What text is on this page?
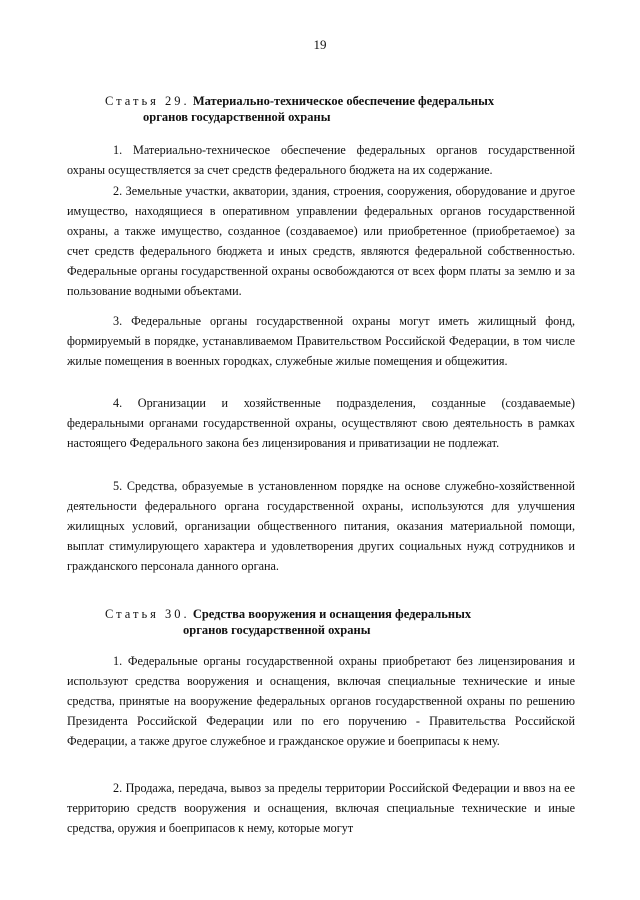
19
Статья 29. Материально-техническое обеспечение федеральных
органов государственной охраны

1. Материально-техническое обеспечение федеральных органов государственной охраны осуществляется за счет средств федерального бюджета на их содержание.

2. Земельные участки, акватории, здания, строения, сооружения, оборудование и другое имущество, находящиеся в оперативном управлении федеральных органов государственной охраны, а также имущество, созданное (создаваемое) или приобретенное (приобретаемое) за счет средств федерального бюджета и иных средств, являются федеральной собственностью. Федеральные органы государственной охраны освобождаются от всех форм платы за землю и за пользование водными объектами.

3. Федеральные органы государственной охраны могут иметь жилищный фонд, формируемый в порядке, устанавливаемом Правительством Российской Федерации, в том числе жилые помещения в военных городках, служебные жилые помещения и общежития.

4. Организации и хозяйственные подразделения, созданные (создаваемые) федеральными органами государственной охраны, осуществляют свою деятельность в рамках настоящего Федерального закона без лицензирования и приватизации не подлежат.

5. Средства, образуемые в установленном порядке на основе служебно-хозяйственной деятельности федерального органа государственной охраны, используются для улучшения жилищных условий, организации общественного питания, оказания материальной помощи, выплат стимулирующего характера и удовлетворения других социальных нужд сотрудников и гражданского персонала данного органа.

Статья 30. Средства вооружения и оснащения федеральных
органов государственной охраны

1. Федеральные органы государственной охраны приобретают без лицензирования и используют средства вооружения и оснащения, включая специальные технические и иные средства, принятые на вооружение федеральных органов государственной охраны по решению Президента Российской Федерации или по его поручению - Правительства Российской Федерации, а также другое служебное и гражданское оружие и боеприпасы к нему.

2. Продажа, передача, вывоз за пределы территории Российской Федерации и ввоз на ее территорию средств вооружения и оснащения, включая специальные технические и иные средства, оружия и боеприпасов к нему, которые могут
